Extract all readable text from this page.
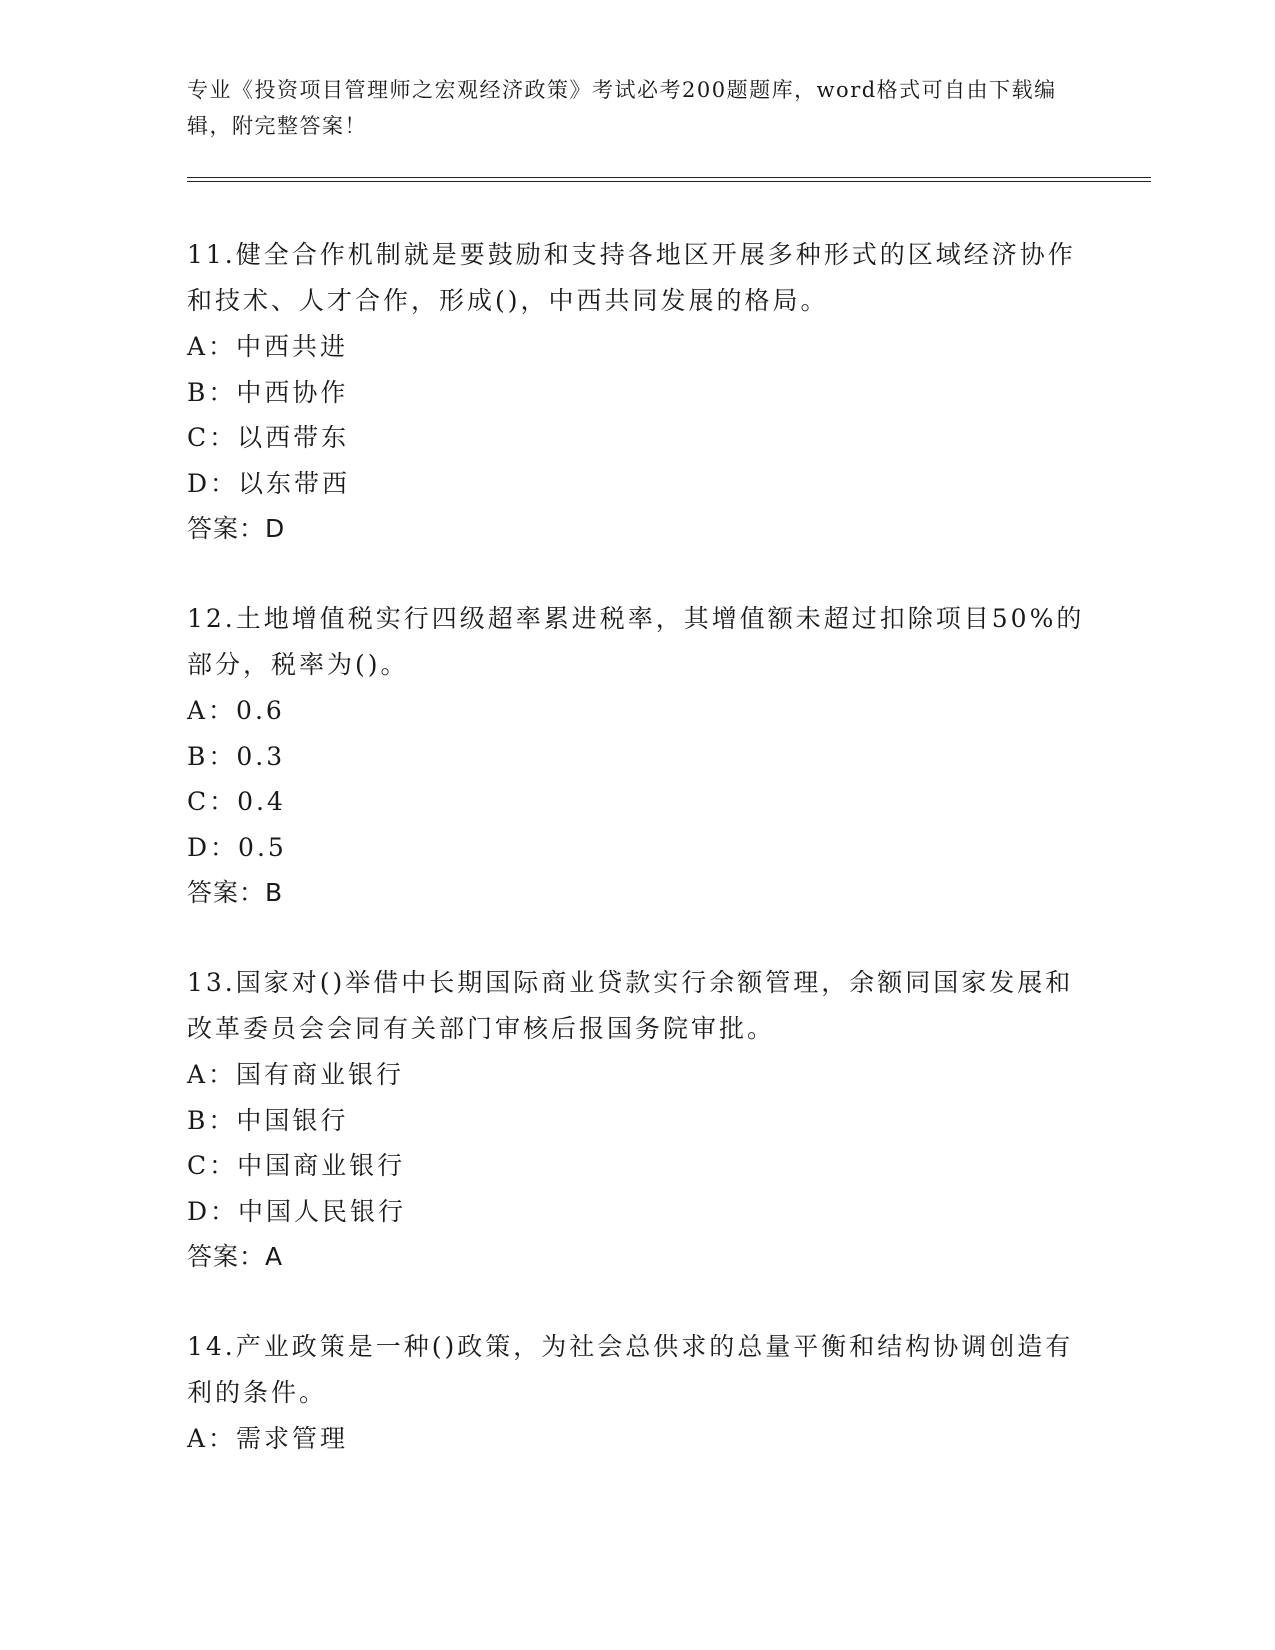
专业《投资项目管理师之宏观经济政策》考试必考200题题库，word格式可自由下载编辑，附完整答案！

11.健全合作机制就是要鼓励和支持各地区开展多种形式的区域经济协作和技术、人才合作，形成()，中西共同发展的格局。

A：中西共进

B：中西协作

C：以西带东

D：以东带西

答案：D

12.土地增值税实行四级超率累进税率，其增值额未超过扣除项目50%的部分，税率为()。

A：0.6

B：0.3

C：0.4

D：0.5

答案：B

13.国家对()举借中长期国际商业贷款实行余额管理，余额同国家发展和改革委员会会同有关部门审核后报国务院审批。

A：国有商业银行

B：中国银行

C：中国商业银行

D：中国人民银行

答案：A

14.产业政策是一种()政策，为社会总供求的总量平衡和结构协调创造有利的条件。

A：需求管理
